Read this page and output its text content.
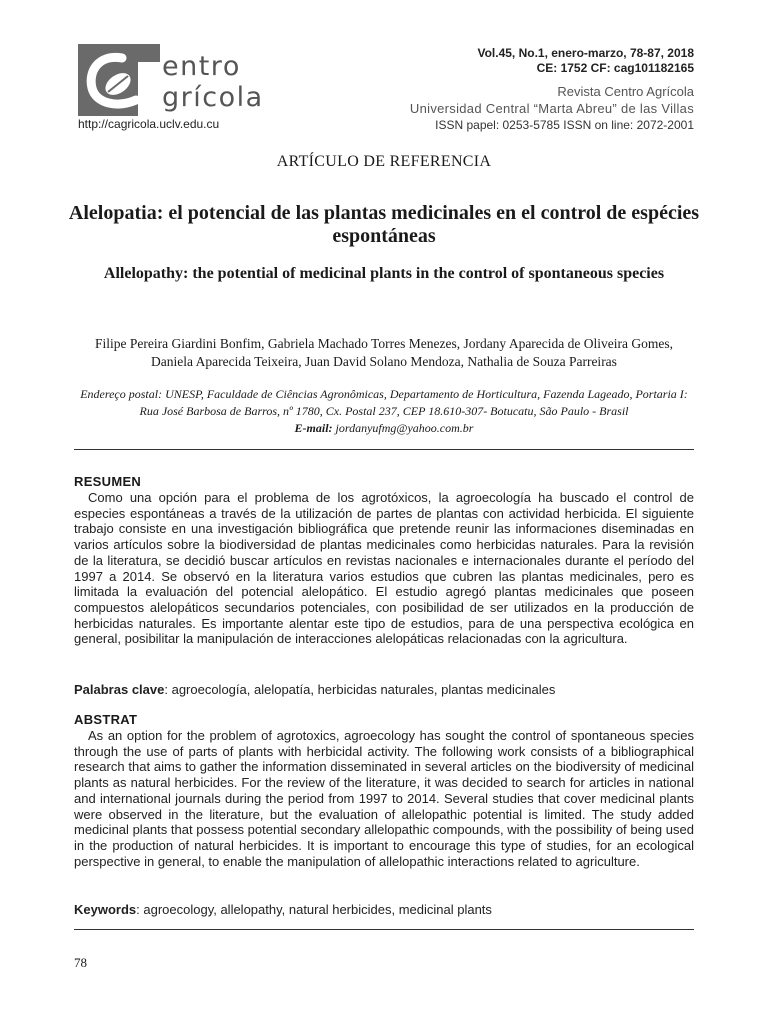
entro
grícola
http://cagricola.uclv.edu.cu
Vol.45, No.1, enero-marzo, 78-87, 2018
CE: 1752 CF: cag101182165
Revista Centro Agrícola
Universidad Central “Marta Abreu” de las Villas
ISSN papel: 0253-5785 ISSN on line: 2072-2001
ARTÍCULO DE REFERENCIA
Alelopatia: el potencial de las plantas medicinales en el control de espécies espontáneas
Allelopathy: the potential of medicinal plants in the control of spontaneous species
Filipe Pereira Giardini Bonfim, Gabriela Machado Torres Menezes, Jordany Aparecida de Oliveira Gomes, Daniela Aparecida Teixeira, Juan David Solano Mendoza, Nathalia de Souza Parreiras
Endereço postal: UNESP, Faculdade de Ciências Agronômicas, Departamento de Horticultura, Fazenda Lageado, Portaria I: Rua José Barbosa de Barros, nº 1780, Cx. Postal 237, CEP 18.610-307- Botucatu, São Paulo - Brasil
E-mail: jordanyufmg@yahoo.com.br
RESUMEN
Como una opción para el problema de los agrotóxicos, la agroecología ha buscado el control de especies espontáneas a través de la utilización de partes de plantas con actividad herbicida. El siguiente trabajo consiste en una investigación bibliográfica que pretende reunir las informaciones diseminadas en varios artículos sobre la biodiversidad de plantas medicinales como herbicidas naturales. Para la revisión de la literatura, se decidió buscar artículos en revistas nacionales e internacionales durante el período del 1997 a 2014. Se observó en la literatura varios estudios que cubren las plantas medicinales, pero es limitada la evaluación del potencial alelopático. El estudio agregó plantas medicinales que poseen compuestos alelopáticos secundarios potenciales, con posibilidad de ser utilizados en la producción de herbicidas naturales. Es importante alentar este tipo de estudios, para de una perspectiva ecológica en general, posibilitar la manipulación de interacciones alelopáticas relacionadas con la agricultura.
Palabras clave: agroecología, alelopatía, herbicidas naturales, plantas medicinales
ABSTRAT
As an option for the problem of agrotoxics, agroecology has sought the control of spontaneous species through the use of parts of plants with herbicidal activity. The following work consists of a bibliographical research that aims to gather the information disseminated in several articles on the biodiversity of medicinal plants as natural herbicides. For the review of the literature, it was decided to search for articles in national and international journals during the period from 1997 to 2014. Several studies that cover medicinal plants were observed in the literature, but the evaluation of allelopathic potential is limited. The study added medicinal plants that possess potential secondary allelopathic compounds, with the possibility of being used in the production of natural herbicides. It is important to encourage this type of studies, for an ecological perspective in general, to enable the manipulation of allelopathic interactions related to agriculture.
Keywords: agroecology, allelopathy, natural herbicides, medicinal plants
78
